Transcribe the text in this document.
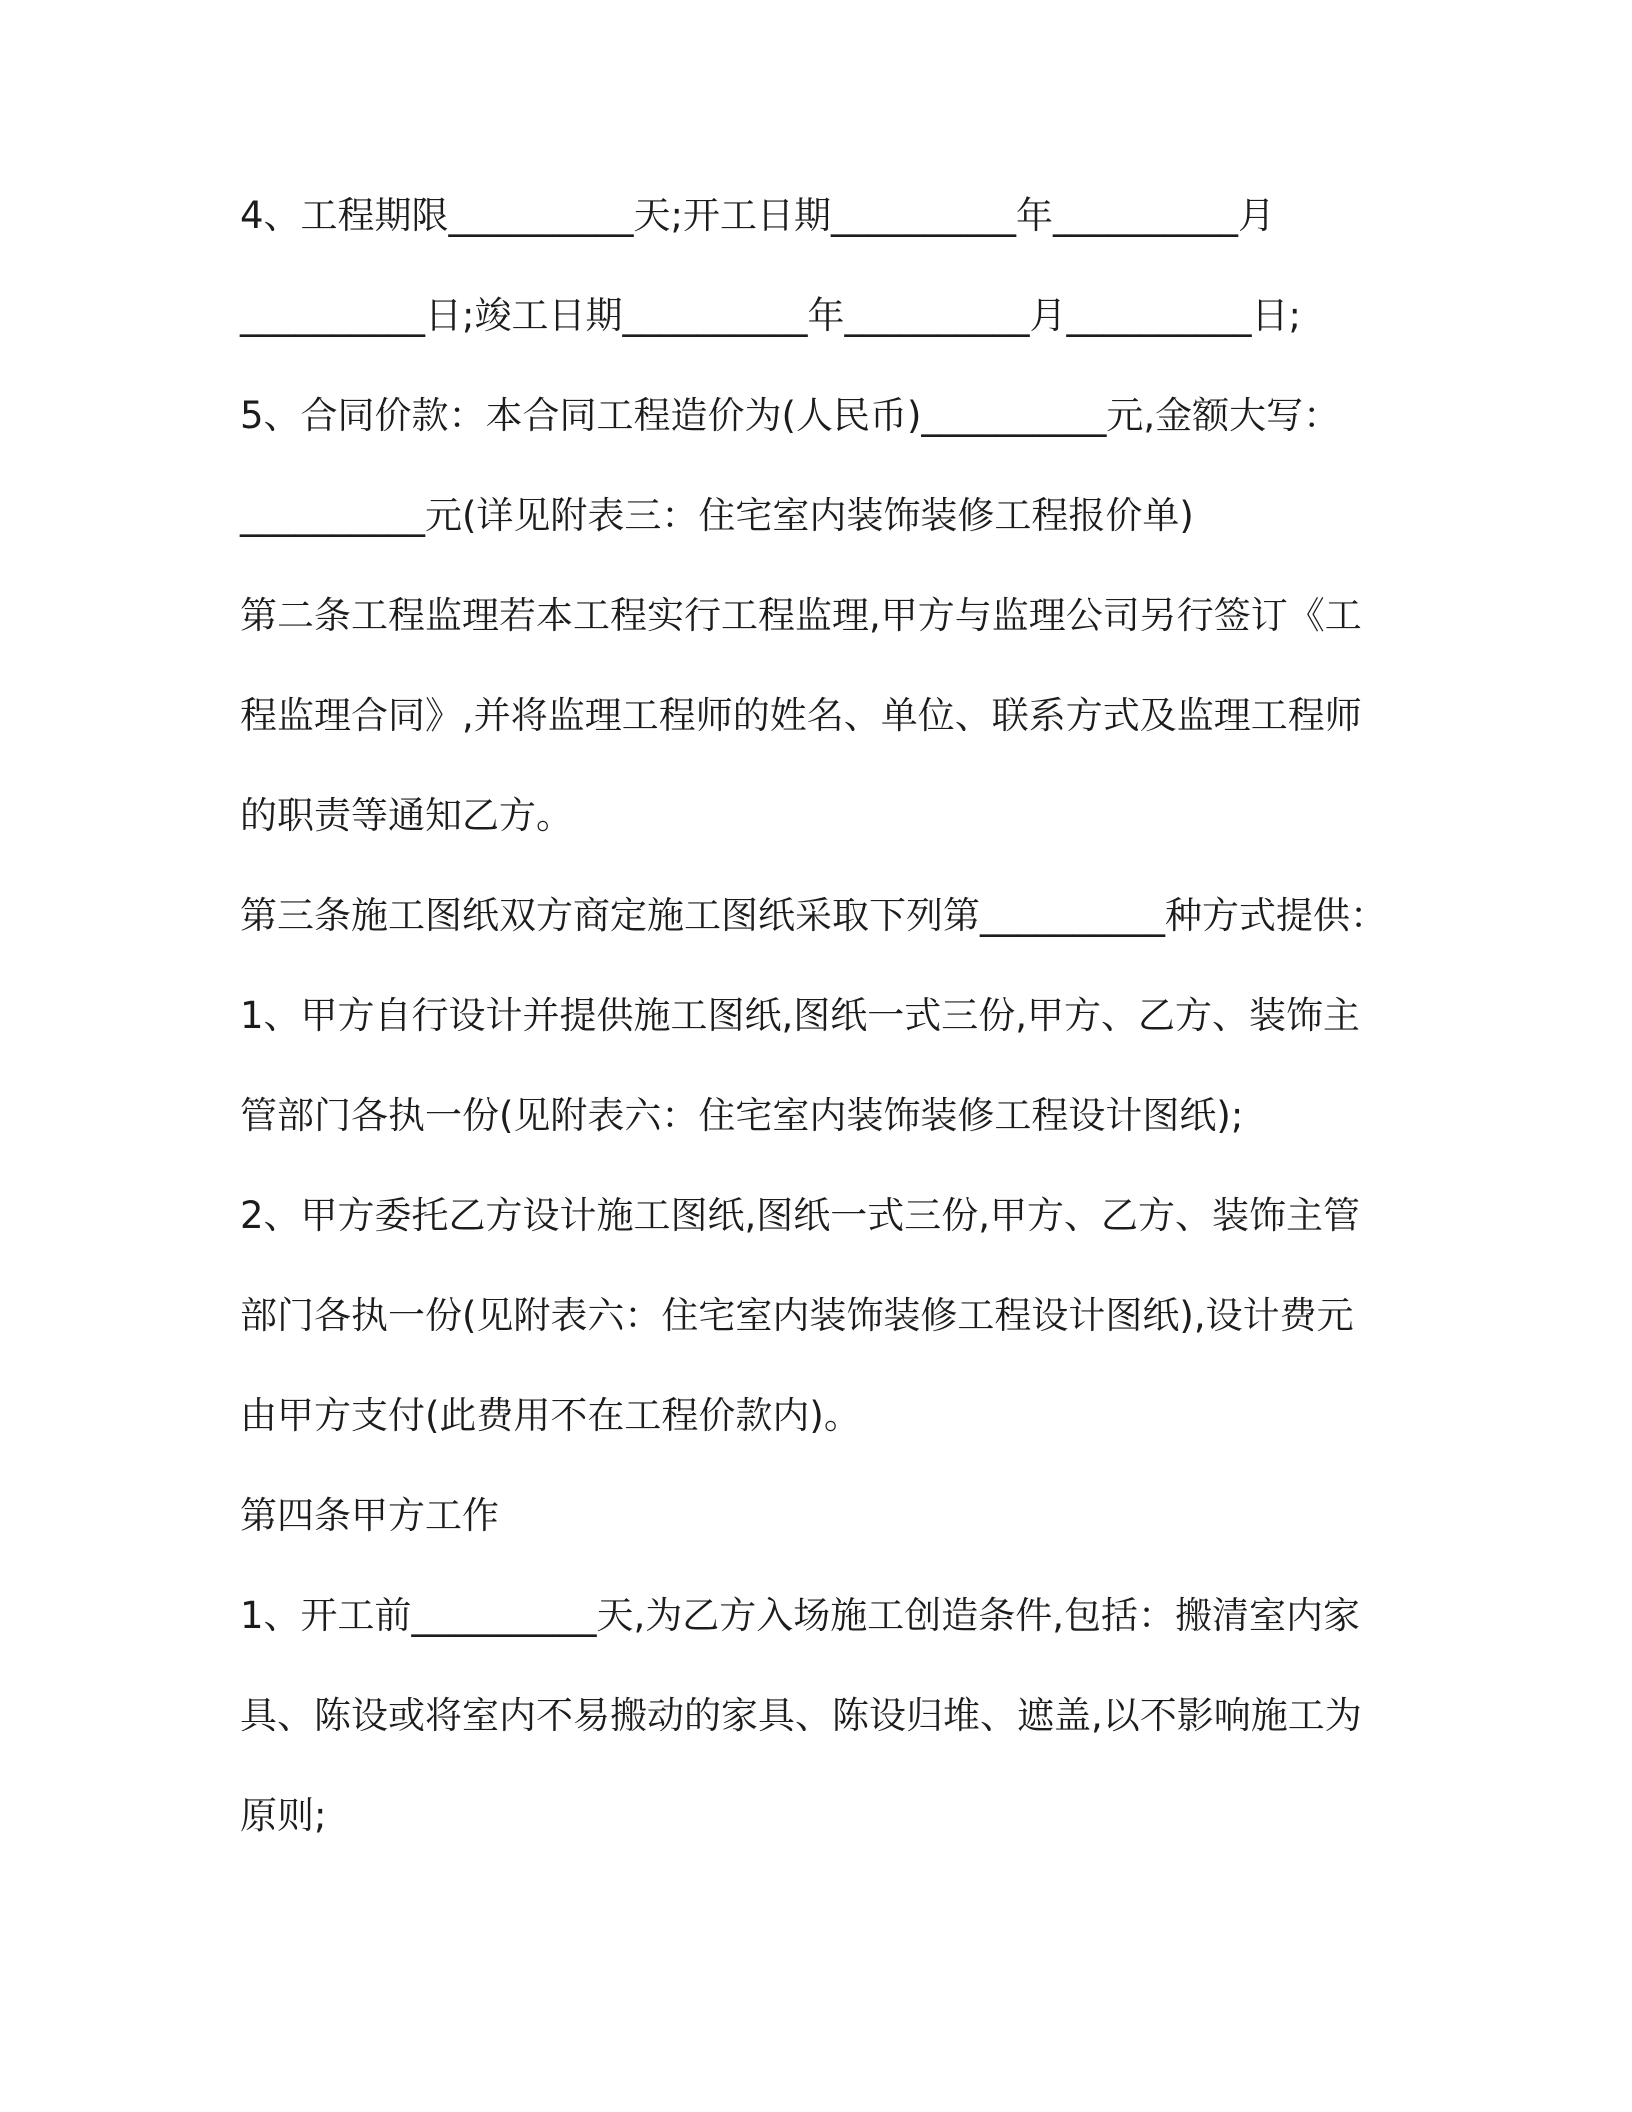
4、工程期限__________天;开工日期__________年__________月
__________日;竣工日期__________年__________月__________日;
5、合同价款：本合同工程造价为(人民币)__________元,金额大写：
__________元(详见附表三：住宅室内装饰装修工程报价单)
第二条工程监理若本工程实行工程监理,甲方与监理公司另行签订《工
程监理合同》,并将监理工程师的姓名、单位、联系方式及监理工程师
的职责等通知乙方。
第三条施工图纸双方商定施工图纸采取下列第__________种方式提供：
1、甲方自行设计并提供施工图纸,图纸一式三份,甲方、乙方、装饰主
管部门各执一份(见附表六：住宅室内装饰装修工程设计图纸);
2、甲方委托乙方设计施工图纸,图纸一式三份,甲方、乙方、装饰主管
部门各执一份(见附表六：住宅室内装饰装修工程设计图纸),设计费元
由甲方支付(此费用不在工程价款内)。
第四条甲方工作
1、开工前__________天,为乙方入场施工创造条件,包括：搬清室内家
具、陈设或将室内不易搬动的家具、陈设归堆、遮盖,以不影响施工为
原则;
